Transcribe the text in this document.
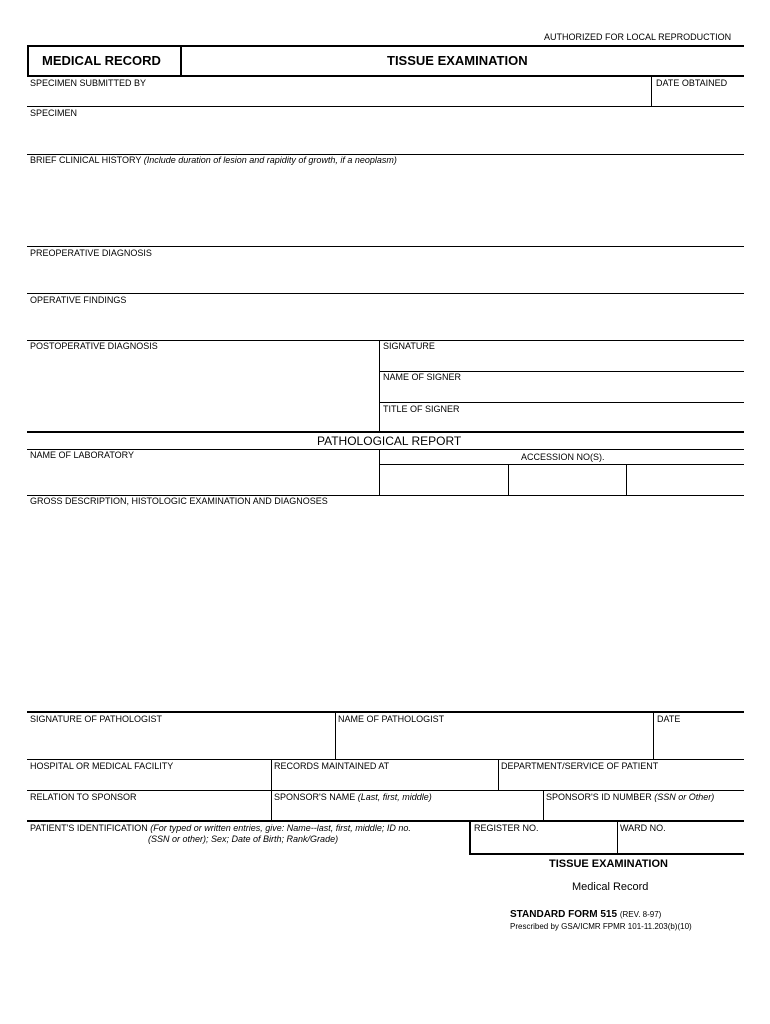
AUTHORIZED FOR LOCAL REPRODUCTION
MEDICAL RECORD	TISSUE EXAMINATION
SPECIMEN SUBMITTED BY	DATE OBTAINED
SPECIMEN
BRIEF CLINICAL HISTORY (Include duration of lesion and rapidity of growth, if a neoplasm)
PREOPERATIVE DIAGNOSIS
OPERATIVE FINDINGS
POSTOPERATIVE DIAGNOSIS	SIGNATURE
NAME OF SIGNER
TITLE OF SIGNER
PATHOLOGICAL REPORT
NAME OF LABORATORY	ACCESSION NO(S).
GROSS DESCRIPTION, HISTOLOGIC EXAMINATION AND DIAGNOSES
SIGNATURE OF PATHOLOGIST	NAME OF PATHOLOGIST	DATE
HOSPITAL OR MEDICAL FACILITY	RECORDS MAINTAINED AT	DEPARTMENT/SERVICE OF PATIENT
RELATION TO SPONSOR	SPONSOR'S NAME (Last, first, middle)	SPONSOR'S ID NUMBER (SSN or Other)
PATIENT'S IDENTIFICATION (For typed or written entries, give: Name--last, first, middle; ID no.
(SSN or other); Sex; Date of Birth; Rank/Grade)
REGISTER NO.	WARD NO.
TISSUE EXAMINATION
Medical Record
STANDARD FORM 515 (REV. 8-97)
Prescribed by GSA/ICMR FPMR 101-11.203(b)(10)
